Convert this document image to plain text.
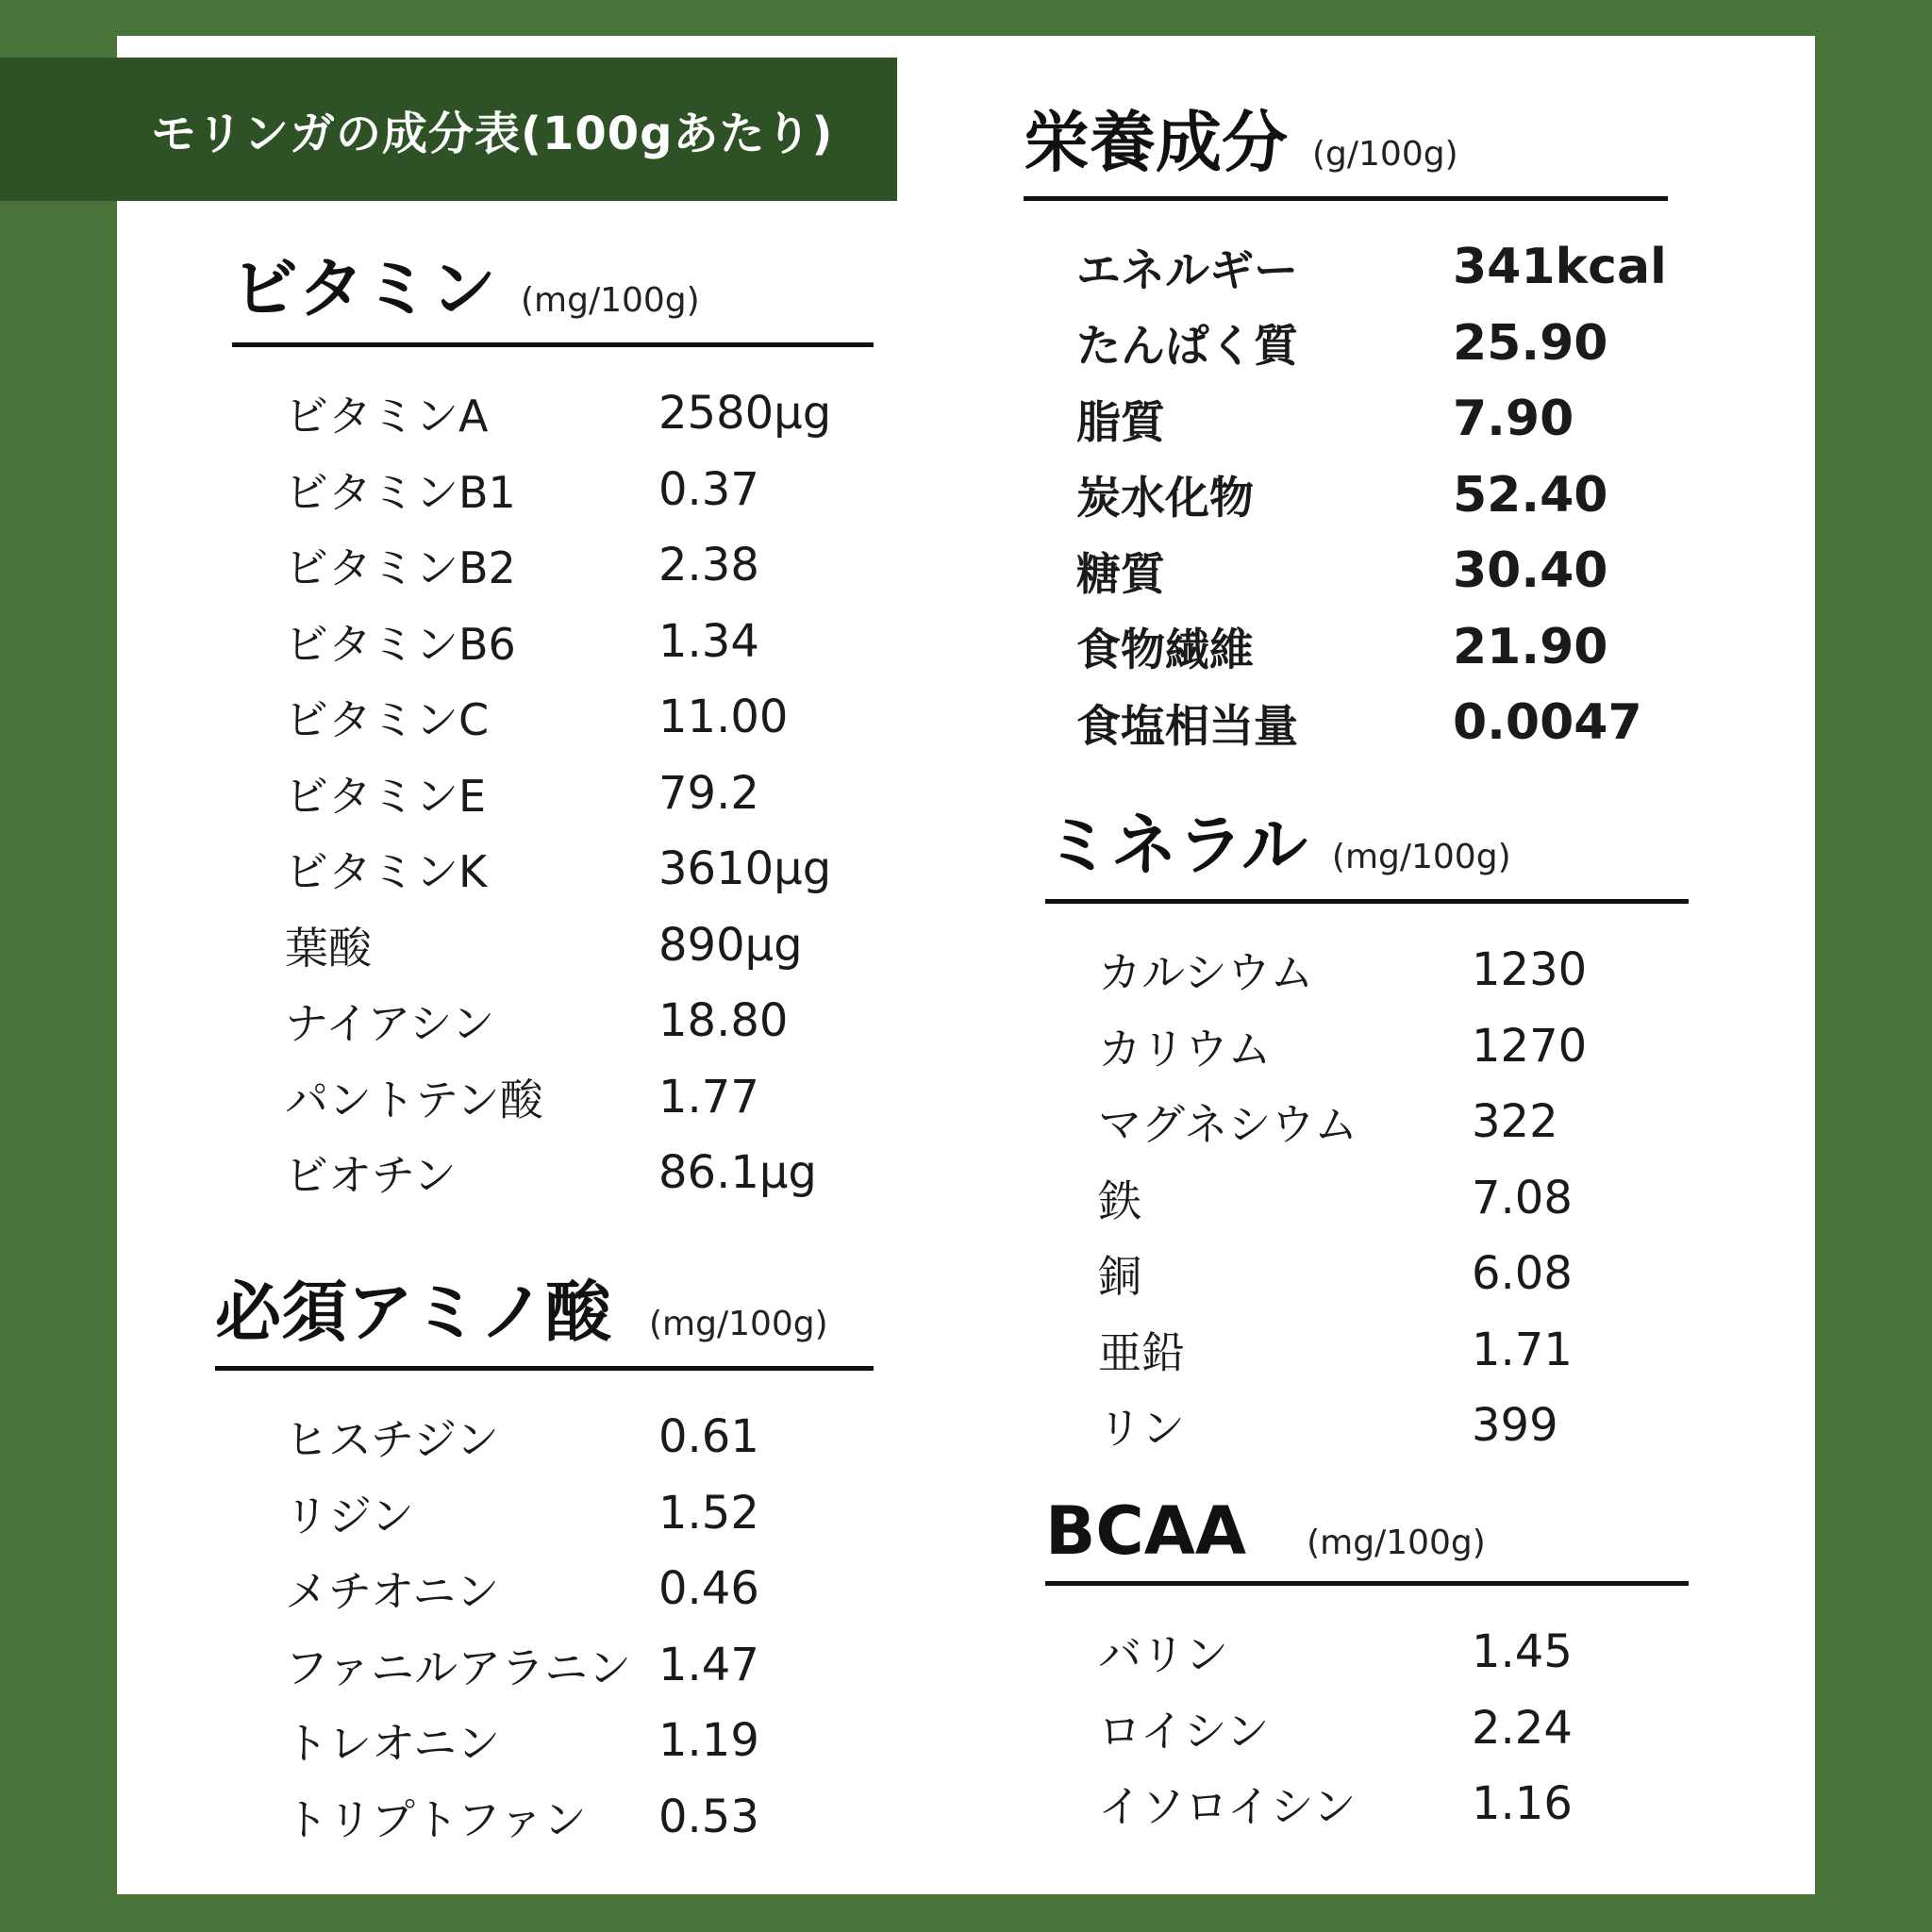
モリンガの成分表(100gあたり)
ビタミン (mg/100g)
ビタミンA	2580μg
ビタミンB1	0.37
ビタミンB2	2.38
ビタミンB6	1.34
ビタミンC	11.00
ビタミンE	79.2
ビタミンK	3610μg
葉酸	890μg
ナイアシン	18.80
パントテン酸	1.77
ビオチン	86.1μg
必須アミノ酸 (mg/100g)
ヒスチジン	0.61
リジン	1.52
メチオニン	0.46
ファニルアラニン 1.47
トレオニン	1.19
トリプトファン	0.53
栄養成分 (g/100g)
エネルギー	341kcal
たんぱく質	25.90
脂質	7.90
炭水化物	52.40
糖質	30.40
食物繊維	21.90
食塩相当量	0.0047
ミネラル (mg/100g)
カルシウム	1230
カリウム	1270
マグネシウム	322
鉄	7.08
銅	6.08
亜鉛	1.71
リン	399
BCAA (mg/100g)
バリン	1.45
ロイシン	2.24
イソロイシン	1.16
